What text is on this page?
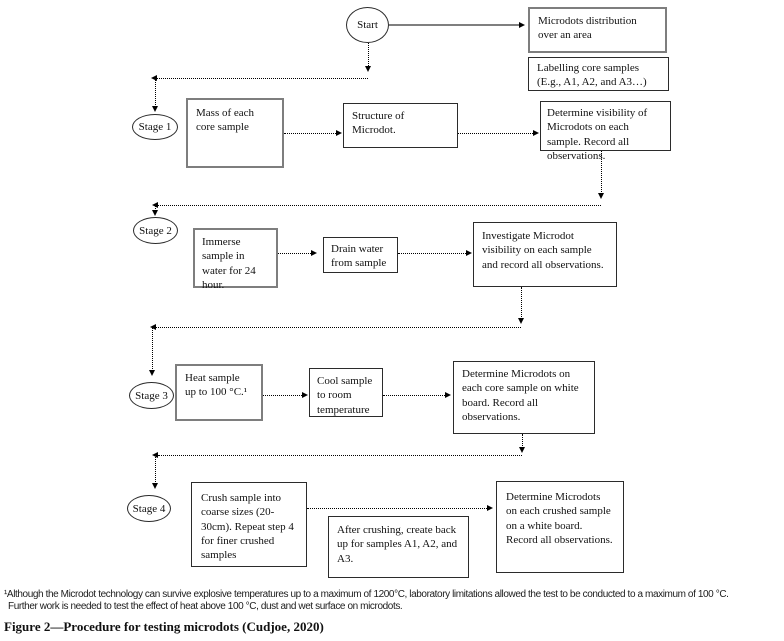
Start
Stage 1
Stage 2
Stage 3
Stage 4
Microdots distribution over an area
Labelling core samples (E.g., A1, A2, and A3…)
Determine visibility of Microdots on each sample. Record all observations.
Mass of each core sample
Structure of Microdot.
Immerse sample in water for 24 hour.
Drain water from sample
Investigate Microdot visibility on each sample and record all observations.
Heat sample up to 100 °C.¹
Cool sample to room temperature
Determine Microdots on each core sample on white board. Record all observations.
Crush sample into coarse sizes (20-30cm). Repeat step 4 for finer crushed samples
After crushing, create back up for samples A1, A2, and A3.
Determine Microdots on each crushed sample on a white board. Record all observations.
¹Although the Microdot technology can survive explosive temperatures up to a maximum of 1200°C, laboratory limitations allowed the test to be conducted to a maximum of 100 °C.
Further work is needed to test the effect of heat above 100 °C, dust and wet surface on microdots.
Figure 2—Procedure for testing microdots (Cudjoe, 2020)
